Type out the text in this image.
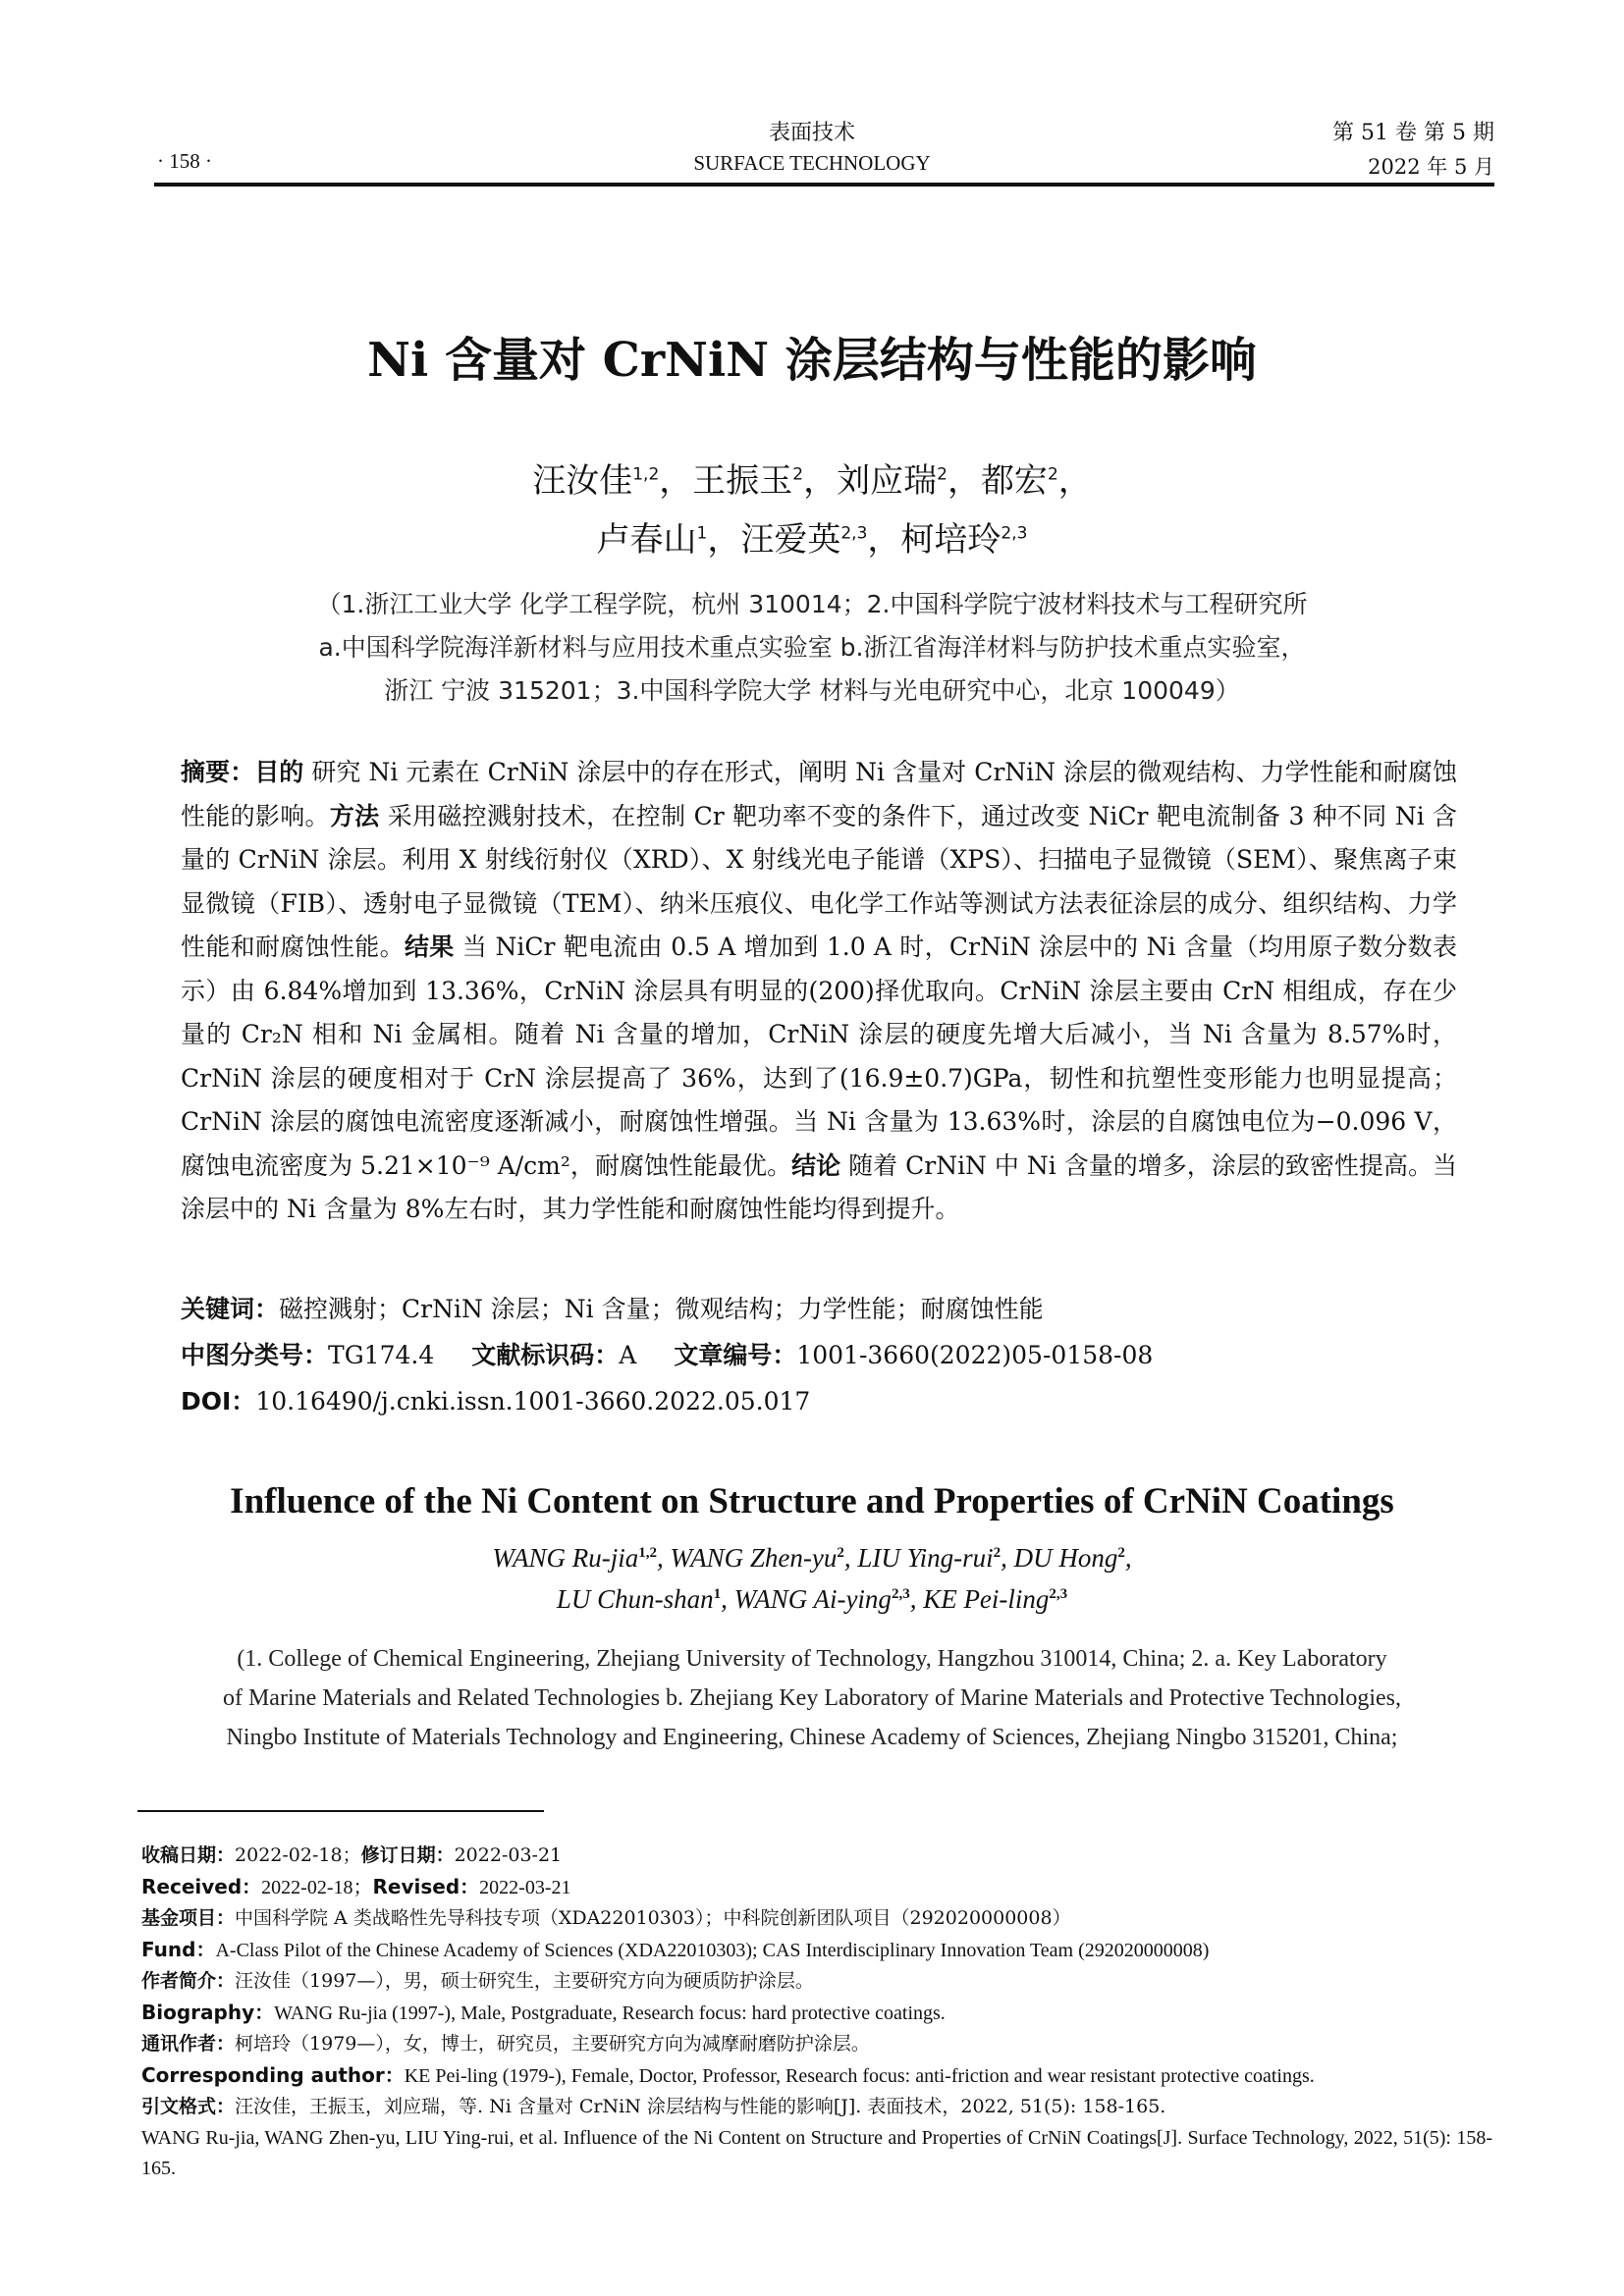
· 158 ·
表面技术
SURFACE TECHNOLOGY
第 51 卷 第 5 期
2022 年 5 月
Ni 含量对 CrNiN 涂层结构与性能的影响
汪汝佳$^{1,2}$，王振玉$^2$，刘应瑞$^2$，都宏$^2$，
卢春山$^1$，汪爱英$^{2,3}$，柯培玲$^{2,3}$
（1.浙江工业大学 化学工程学院，杭州 310014；2.中国科学院宁波材料技术与工程研究所
a.中国科学院海洋新材料与应用技术重点实验室 b.浙江省海洋材料与防护技术重点实验室，
浙江 宁波 315201；3.中国科学院大学 材料与光电研究中心，北京 100049）
摘要：目的 研究 Ni 元素在 CrNiN 涂层中的存在形式，阐明 Ni 含量对 CrNiN 涂层的微观结构、力学性能和耐腐蚀性能的影响。方法 采用磁控溅射技术，在控制 Cr 靶功率不变的条件下，通过改变 NiCr 靶电流制备 3 种不同 Ni 含量的 CrNiN 涂层。利用 X 射线衍射仪（XRD）、X 射线光电子能谱（XPS）、扫描电子显微镜（SEM）、聚焦离子束显微镜（FIB）、透射电子显微镜（TEM）、纳米压痕仪、电化学工作站等测试方法表征涂层的成分、组织结构、力学性能和耐腐蚀性能。结果 当 NiCr 靶电流由 0.5 A 增加到 1.0 A 时，CrNiN 涂层中的 Ni 含量（均用原子数分数表示）由 6.84%增加到 13.36%，CrNiN 涂层具有明显的(200)择优取向。CrNiN 涂层主要由 CrN 相组成，存在少量的 Cr₂N 相和 Ni 金属相。随着 Ni 含量的增加，CrNiN 涂层的硬度先增大后减小，当 Ni 含量为 8.57%时，CrNiN 涂层的硬度相对于 CrN 涂层提高了 36%，达到了(16.9±0.7)GPa，韧性和抗塑性变形能力也明显提高；CrNiN 涂层的腐蚀电流密度逐渐减小，耐腐蚀性增强。当 Ni 含量为 13.63%时，涂层的自腐蚀电位为−0.096 V，腐蚀电流密度为 5.21×10⁻⁹ A/cm²，耐腐蚀性能最优。结论 随着 CrNiN 中 Ni 含量的增多，涂层的致密性提高。当涂层中的 Ni 含量为 8%左右时，其力学性能和耐腐蚀性能均得到提升。
关键词：磁控溅射；CrNiN 涂层；Ni 含量；微观结构；力学性能；耐腐蚀性能
中图分类号：TG174.4 文献标识码：A 文章编号：1001-3660(2022)05-0158-08
DOI：10.16490/j.cnki.issn.1001-3660.2022.05.017
Influence of the Ni Content on Structure and Properties of CrNiN Coatings
WANG Ru-jia$^{1,2}$, WANG Zhen-$yu^2$, LIU Ying-rui$^2$, DU Hong$^2$,
LU Chun-shan$^1$, WANG Ai-ying$^{2,3}$, KE Pei-ling$^{2,3}$
(1. College of Chemical Engineering, Zhejiang University of Technology, Hangzhou 310014, China; 2. a. Key Laboratory
of Marine Materials and Related Technologies b. Zhejiang Key Laboratory of Marine Materials and Protective Technologies,
Ningbo Institute of Materials Technology and Engineering, Chinese Academy of Sciences, Zhejiang Ningbo 315201, China;
收稿日期：2022-02-18；修订日期：2022-03-21
Received：2022-02-18；Revised：2022-03-21
基金项目：中国科学院 A 类战略性先导科技专项（XDA22010303）；中科院创新团队项目（292020000008）
Fund：A-Class Pilot of the Chinese Academy of Sciences (XDA22010303); CAS Interdisciplinary Innovation Team (292020000008)
作者简介：汪汝佳（1997—），男，硕士研究生，主要研究方向为硬质防护涂层。
Biography：WANG Ru-jia (1997-), Male, Postgraduate, Research focus: hard protective coatings.
通讯作者：柯培玲（1979—），女，博士，研究员，主要研究方向为减摩耐磨防护涂层。
Corresponding author：KE Pei-ling (1979-), Female, Doctor, Professor, Research focus: anti-friction and wear resistant protective coatings.
引文格式：汪汝佳，王振玉，刘应瑞，等. Ni 含量对 CrNiN 涂层结构与性能的影响[J]. 表面技术，2022, 51(5): 158-165.
WANG Ru-jia, WANG Zhen-yu, LIU Ying-rui, et al. Influence of the Ni Content on Structure and Properties of CrNiN Coatings[J]. Surface Technology, 2022, 51(5): 158-165.
